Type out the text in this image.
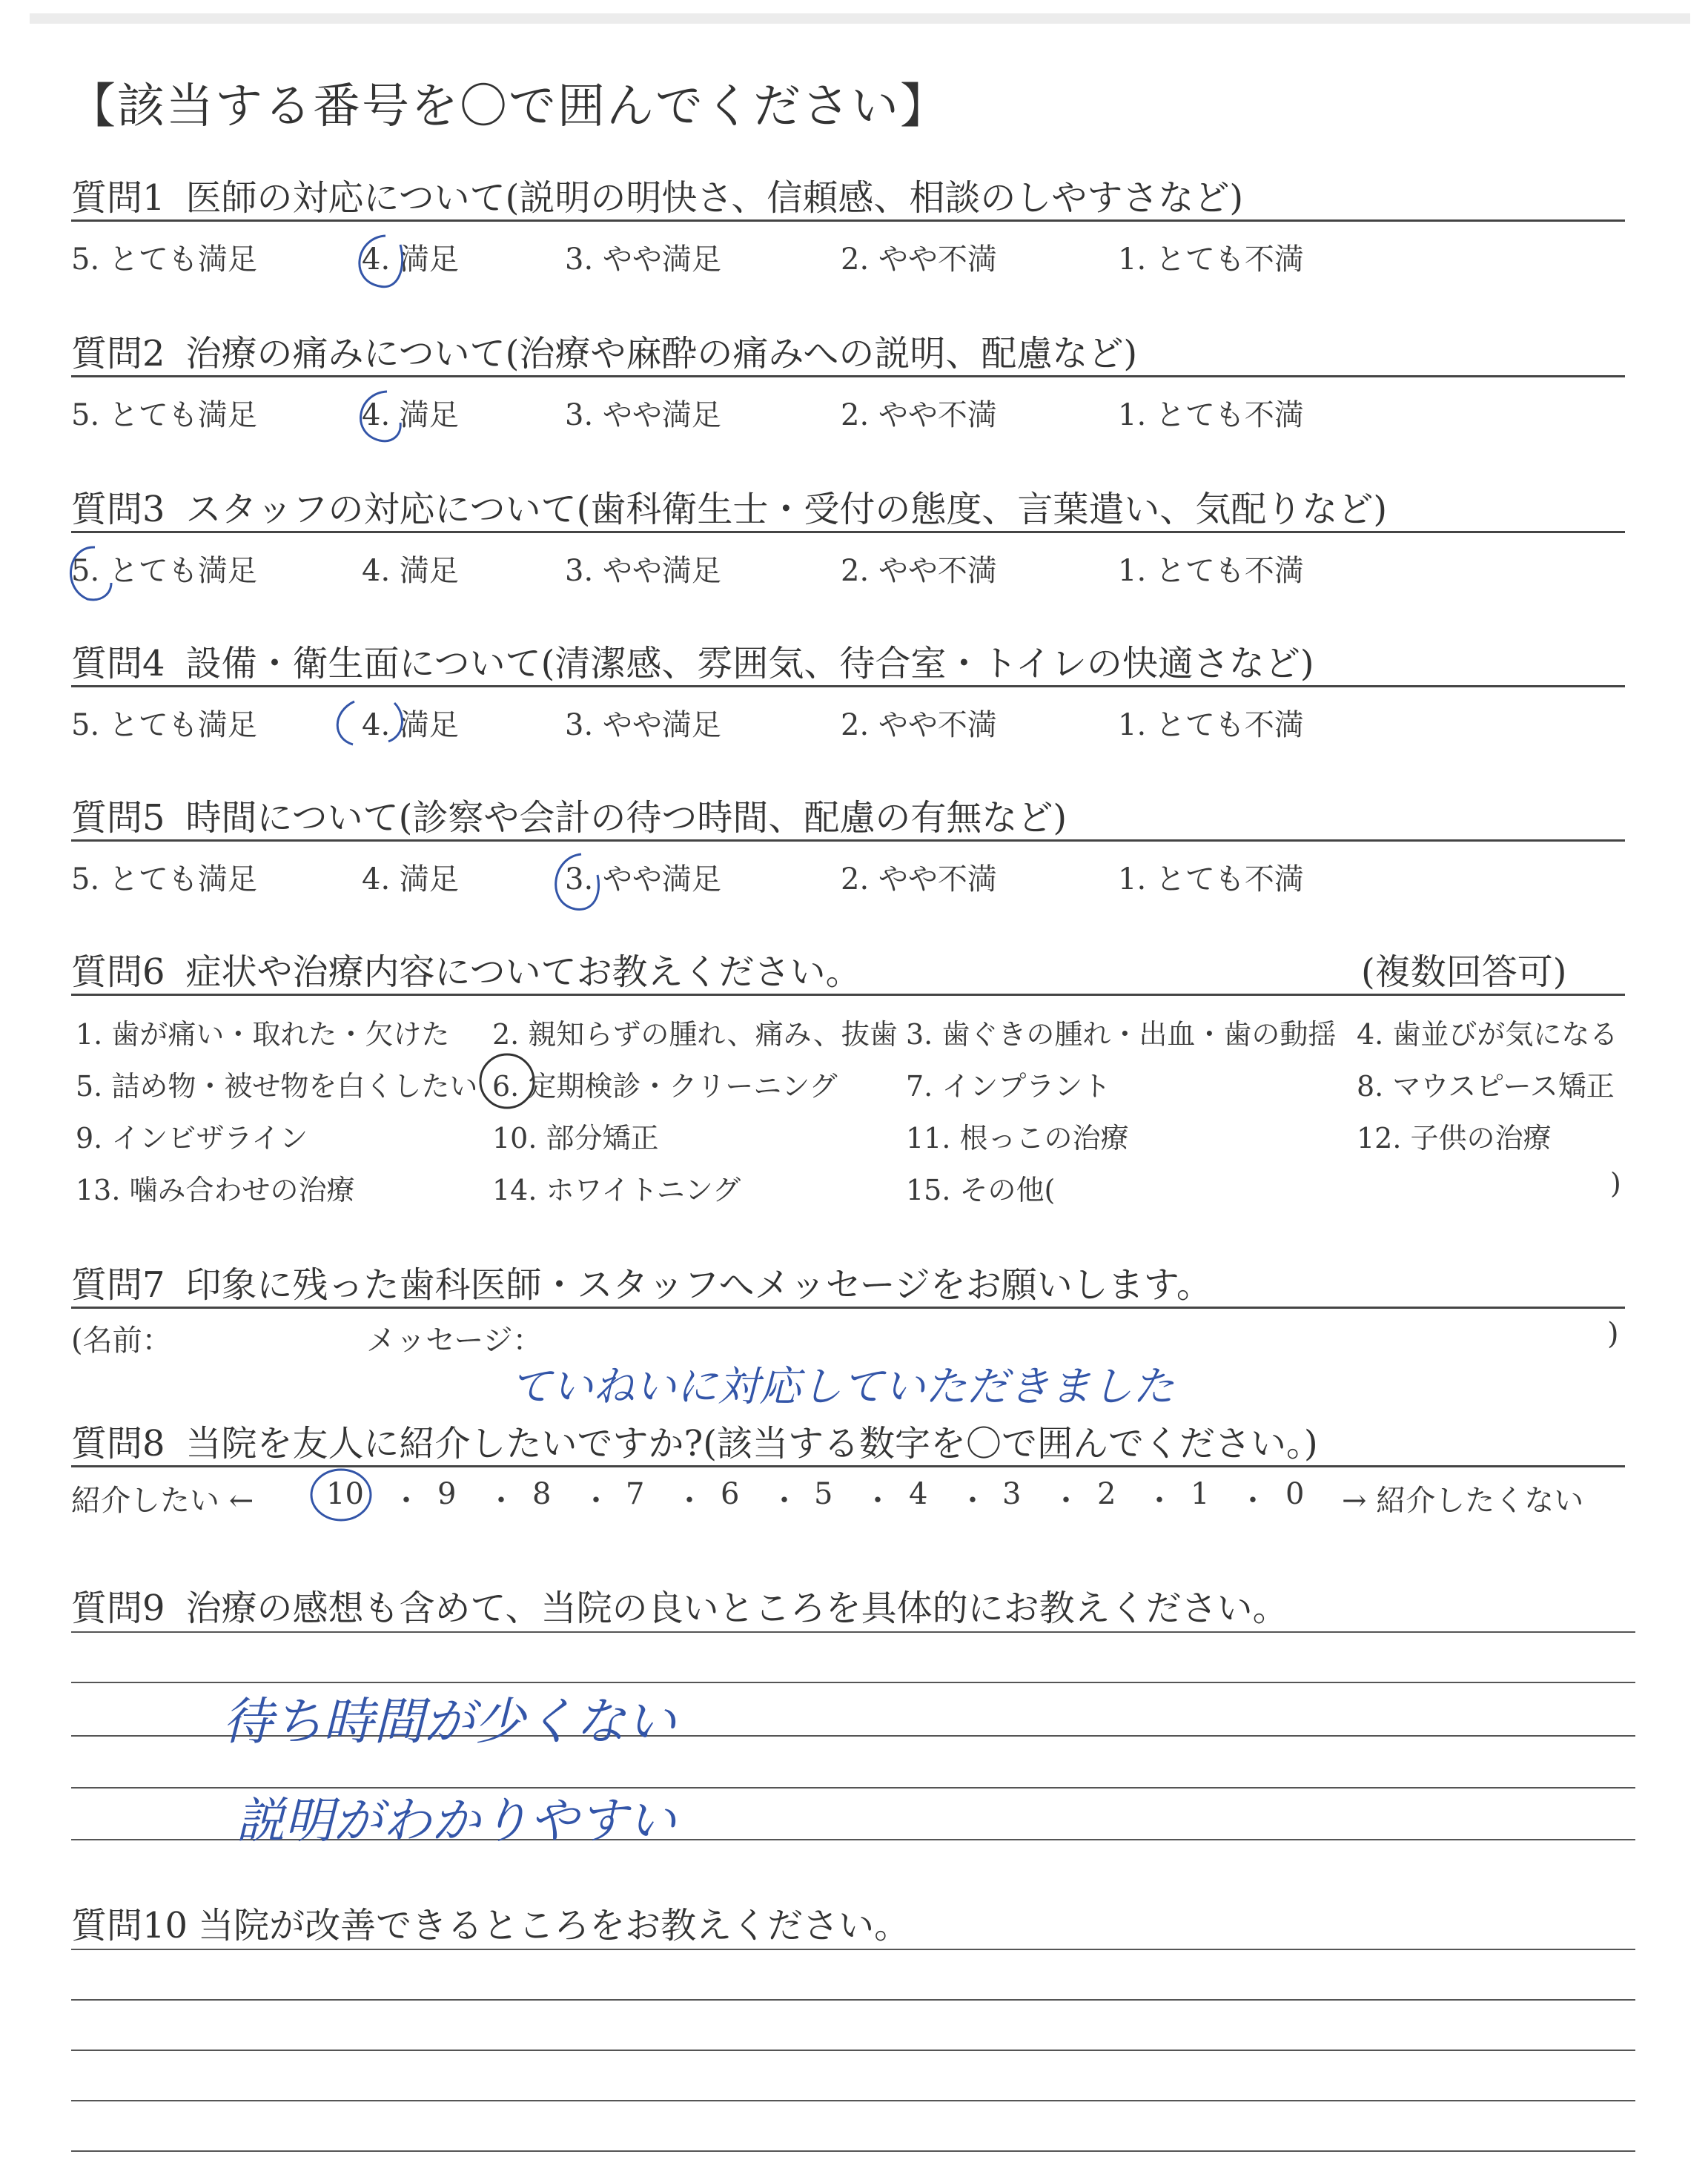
【該当する番号を〇で囲んでください】
質問1 医師の対応について(説明の明快さ、信頼感、相談のしやすさなど)
5. とても満足	4. 満足	3. やや満足	2. やや不満	1. とても不満
質問2 治療の痛みについて(治療や麻酔の痛みへの説明、配慮など)
5. とても満足	4. 満足	3. やや満足	2. やや不満	1. とても不満
質問3 スタッフの対応について(歯科衛生士・受付の態度、言葉遣い、気配りなど)
5. とても満足	4. 満足	3. やや満足	2. やや不満	1. とても不満
質問4 設備・衛生面について(清潔感、雰囲気、待合室・トイレの快適さなど)
5. とても満足	4. 満足	3. やや満足	2. やや不満	1. とても不満
質問5 時間について(診察や会計の待つ時間、配慮の有無など)
5. とても満足	4. 満足	3. やや満足	2. やや不満	1. とても不満
質問6 症状や治療内容についてお教えください。	(複数回答可)
1. 歯が痛い・取れた・欠けた 2. 親知らずの腫れ、痛み、抜歯 3. 歯ぐきの腫れ・出血・歯の動揺 4. 歯並びが気になる
5. 詰め物・被せ物を白くしたい 6. 定期検診・クリーニング 7. インプラント	8. マウスピース矯正
9. インビザライン	10. 部分矯正	11. 根っこの治療	12. 子供の治療
13. 噛み合わせの治療	14. ホワイトニング	15. その他(	)
質問7 印象に残った歯科医師・スタッフへメッセージをお願いします。
(名前：	メッセージ：	)
ていねいに対応していただきました
質問8 当院を友人に紹介したいですか?(該当する数字を〇で囲んでください。)
紹介したい ← 10 ・ 9 ・ 8 ・ 7 ・ 6 ・ 5 ・ 4 ・ 3 ・ 2 ・ 1 ・ 0 → 紹介したくない
質問9 治療の感想も含めて、当院の良いところを具体的にお教えください。
待ち時間が少くない
説明がわかりやすい
質問10 当院が改善できるところをお教えください。
